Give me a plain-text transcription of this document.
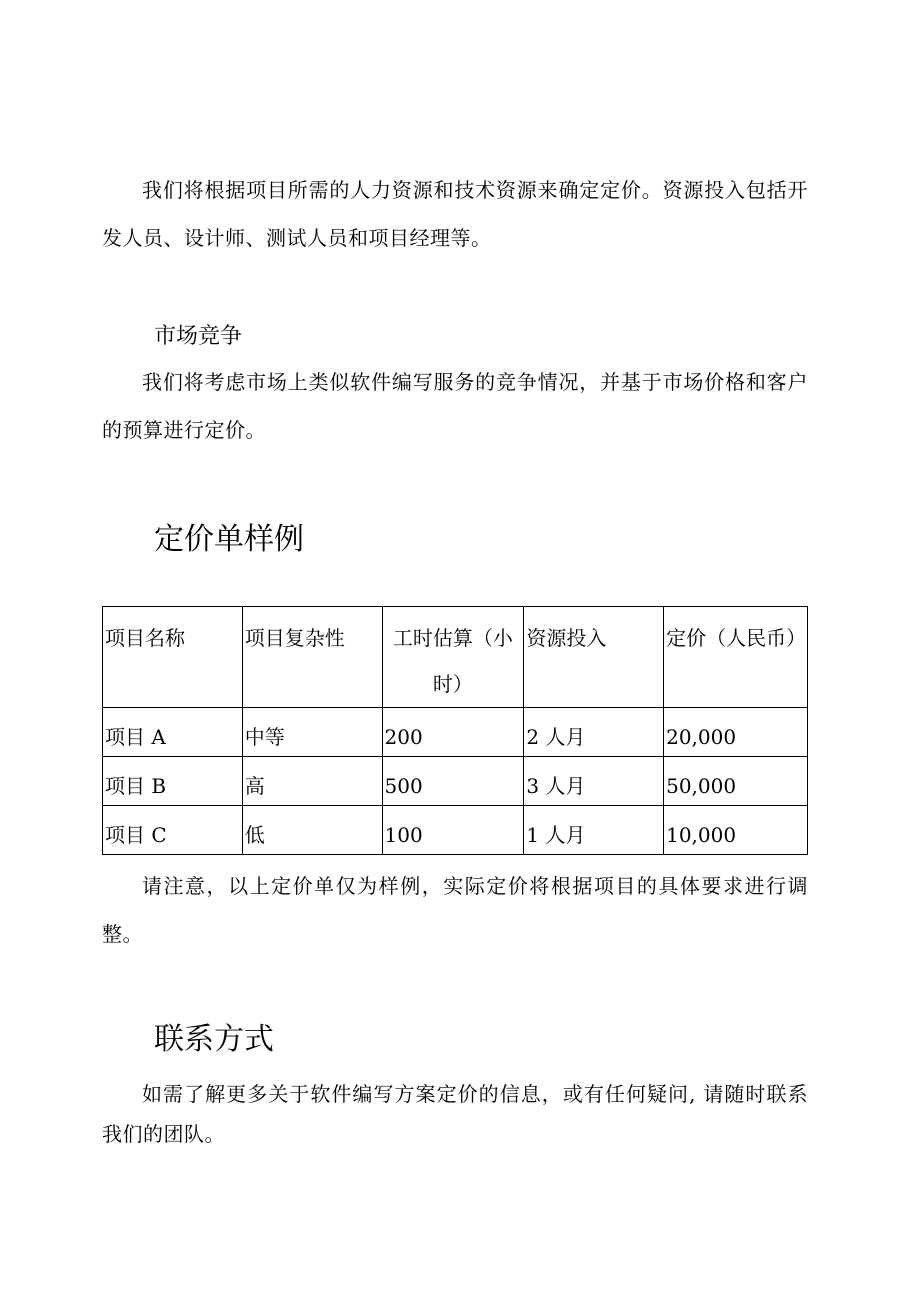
我们将根据项目所需的人力资源和技术资源来确定定价。资源投入包括开发人员、设计师、测试人员和项目经理等。

市场竞争

我们将考虑市场上类似软件编写服务的竞争情况，并基于市场价格和客户的预算进行定价。

定价单样例
项目名称	项目复杂性	工时估算（小时）	资源投入	定价（人民币）
项目 A	中等	200	2 人月	20,000
项目 B	高	500	3 人月	50,000
项目 C	低	100	1 人月	10,000

请注意，以上定价单仅为样例，实际定价将根据项目的具体要求进行调整。

联系方式

如需了解更多关于软件编写方案定价的信息，或有任何疑问, 请随时联系我们的团队。
